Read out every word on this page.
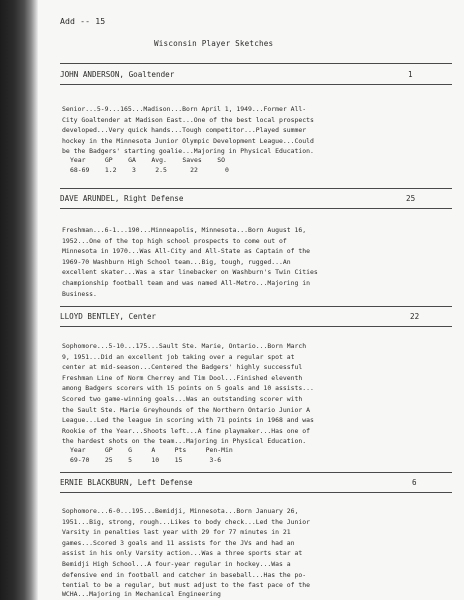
Add -- 15
Wisconsin Player Sketches
JOHN ANDERSON, Goaltender	1
Senior...5-9...165...Madison...Born April 1, 1949...Former All-
City Goaltender at Madison East...One of the best local prospects
developed...Very quick hands...Tough competitor...Played summer
hockey in the Minnesota Junior Olympic Development League...Could
be the Badgers' starting goalie...Majoring in Physical Education.
Year     GP    GA    Avg.    Saves    SO
68-69    1.2    3     2.5      22       0
DAVE ARUNDEL, Right Defense	25
Freshman...6-1...190...Minneapolis, Minnesota...Born August 16,
1952...One of the top high school prospects to come out of
Minnesota in 1970...Was All-City and All-State as Captain of the
1969-70 Washburn High School team...Big, tough, rugged...An
excellent skater...Was a star linebacker on Washburn's Twin Cities
championship football team and was named All-Metro...Majoring in
Business.
LLOYD BENTLEY, Center	22
Sophomore...5-10...175...Sault Ste. Marie, Ontario...Born March
9, 1951...Did an excellent job taking over a regular spot at
center at mid-season...Centered the Badgers' highly successful
Freshman Line of Norm Cherrey and Tim Dool...Finished eleventh
among Badgers scorers with 15 points on 5 goals and 10 assists...
Scored two game-winning goals...Was an outstanding scorer with
the Sault Ste. Marie Greyhounds of the Northern Ontario Junior A
League...Led the league in scoring with 71 points in 1968 and was
Rookie of the Year...Shoots left...A fine playmaker...Has one of
the hardest shots on the team...Majoring in Physical Education.
Year     GP    G     A     Pts     Pen-Min
69-70    25    5     10    15       3-6
ERNIE BLACKBURN, Left Defense	6
Sophomore...6-0...195...Bemidji, Minnesota...Born January 26,
1951...Big, strong, rough...Likes to body check...Led the Junior
Varsity in penalties last year with 29 for 77 minutes in 21
games...Scored 3 goals and 11 assists for the JVs and had an
assist in his only Varsity action...Was a three sports star at
Bemidji High School...A four-year regular in hockey...Was a
defensive end in football and catcher in baseball...Has the po-
tential to be a regular, but must adjust to the fast pace of the
WCHA...Majoring in Mechanical Engineering
